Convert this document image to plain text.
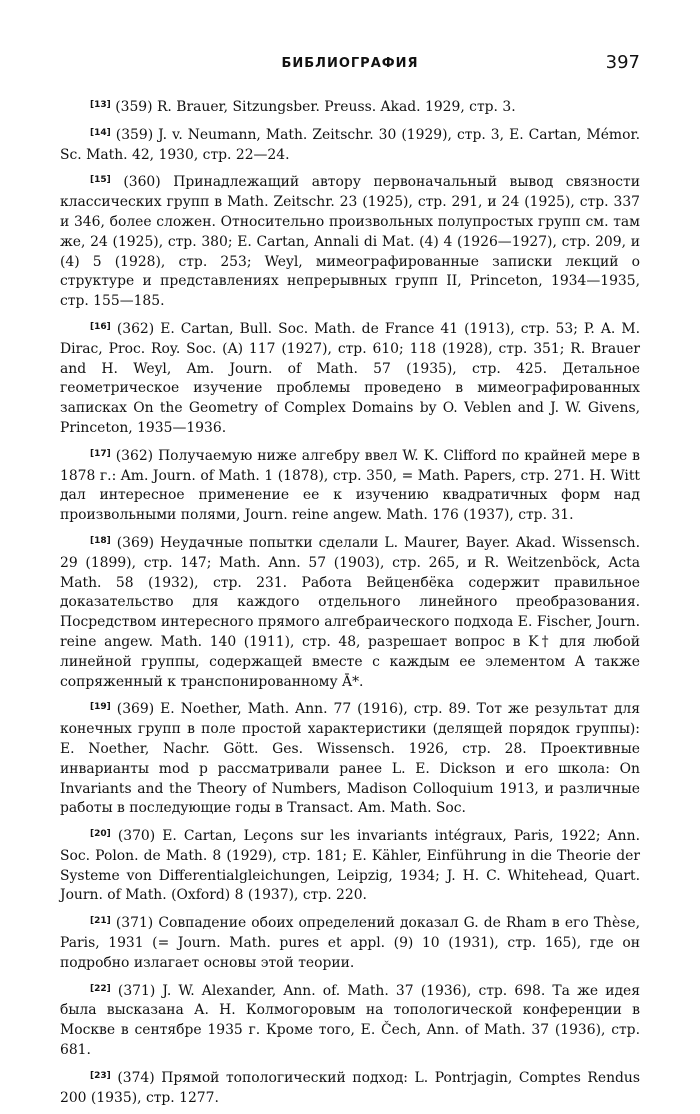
БИБЛИОГРАФИЯ	397

[13] (359) R. Brauer, Sitzungsber. Preuss. Akad. 1929, стр. 3.

[14] (359) J. v. Neumann, Math. Zeitschr. 30 (1929), стр. 3, E. Cartan, Mémor. Sc. Math. 42, 1930, стр. 22—24.

[15] (360) Принадлежащий автору первоначальный вывод связности классических групп в Math. Zeitschr. 23 (1925), стр. 291, и 24 (1925), стр. 337 и 346, более сложен. Относительно произвольных полупростых групп см. там же, 24 (1925), стр. 380; E. Cartan, Annali di Mat. (4) 4 (1926—1927), стр. 209, и (4) 5 (1928), стр. 253; Weyl, мимеографированные записки лекций о структуре и представлениях непрерывных групп II, Princeton, 1934—1935, стр. 155—185.

[16] (362) E. Cartan, Bull. Soc. Math. de France 41 (1913), стр. 53; P. A. M. Dirac, Proc. Roy. Soc. (A) 117 (1927), стр. 610; 118 (1928), стр. 351; R. Brauer and H. Weyl, Am. Journ. of Math. 57 (1935), стр. 425. Детальное геометрическое изучение проблемы проведено в мимеографированных записках On the Geometry of Complex Domains by O. Veblen and J. W. Givens, Princeton, 1935—1936.

[17] (362) Получаемую ниже алгебру ввел W. K. Clifford по крайней мере в 1878 г.: Am. Journ. of Math. 1 (1878), стр. 350, = Math. Papers, стр. 271. H. Witt дал интересное применение ее к изучению квадратичных форм над произвольными полями, Journ. reine angew. Math. 176 (1937), стр. 31.

[18] (369) Неудачные попытки сделали L. Maurer, Bayer. Akad. Wissensch. 29 (1899), стр. 147; Math. Ann. 57 (1903), стр. 265, и R. Weitzenböck, Acta Math. 58 (1932), стр. 231. Работа Вейценбёка содержит правильное доказательство для каждого отдельного линейного преобразования. Посредством интересного прямого алгебраического подхода E. Fischer, Journ. reine angew. Math. 140 (1911), стр. 48, разрешает вопрос в K† для любой линейной группы, содержащей вместе с каждым ее элементом A также сопряженный к транспонированному Ā*.

[19] (369) E. Noether, Math. Ann. 77 (1916), стр. 89. Тот же результат для конечных групп в поле простой характеристики (делящей порядок группы): E. Noether, Nachr. Gött. Ges. Wissensch. 1926, стр. 28. Проективные инварианты mod p рассматривали ранее L. E. Dickson и его школа: On Invariants and the Theory of Numbers, Madison Colloquium 1913, и различные работы в последующие годы в Transact. Am. Math. Soc.

[20] (370) E. Cartan, Leçons sur les invariants intégraux, Paris, 1922; Ann. Soc. Polon. de Math. 8 (1929), стр. 181; E. Kähler, Einführung in die Theorie der Systeme von Differentialgleichungen, Leipzig, 1934; J. H. C. Whitehead, Quart. Journ. of Math. (Oxford) 8 (1937), стр. 220.

[21] (371) Совпадение обоих определений доказал G. de Rham в его Thèse, Paris, 1931 (= Journ. Math. pures et appl. (9) 10 (1931), стр. 165), где он подробно излагает основы этой теории.

[22] (371) J. W. Alexander, Ann. of. Math. 37 (1936), стр. 698. Та же идея была высказана А. Н. Колмогоровым на топологической конференции в Москве в сентябре 1935 г. Кроме того, E. Čech, Ann. of Math. 37 (1936), стр. 681.

[23] (374) Прямой топологический подход: L. Pontrjagin, Comptes Rendus 200 (1935), стр. 1277.
